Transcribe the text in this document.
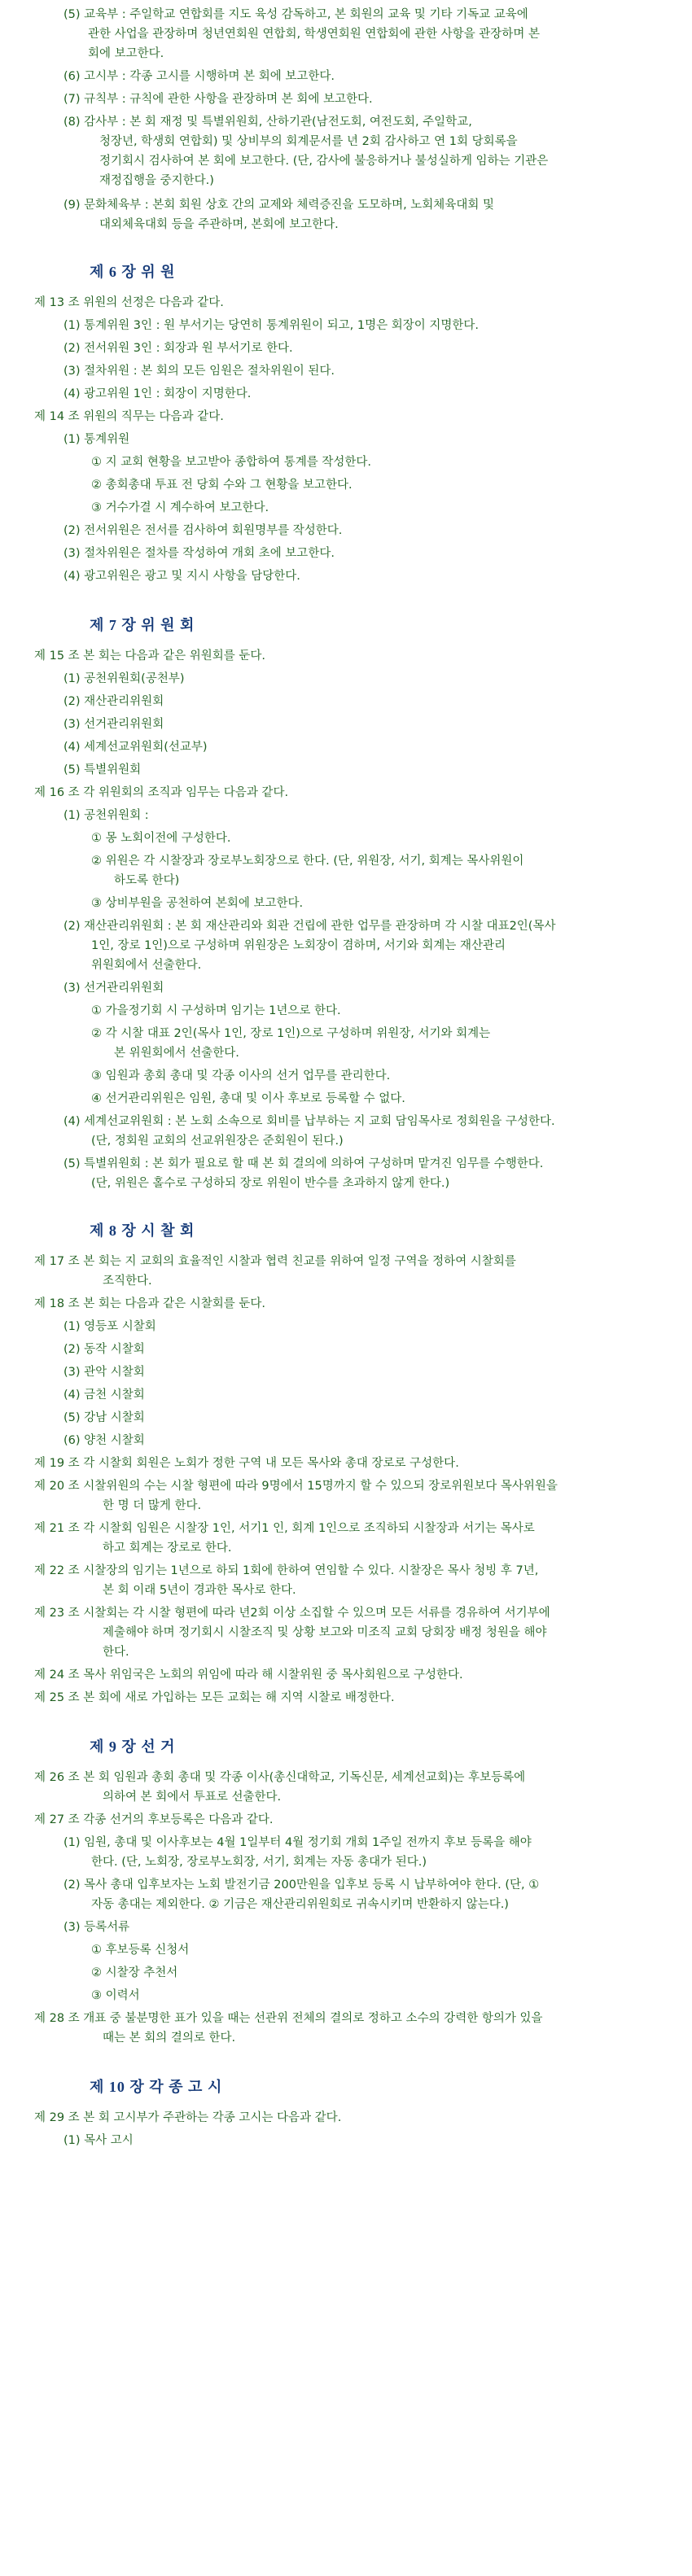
(5) 교육부 : 주일학교 연합회를 지도 육성 감독하고, 본 회원의 교육 및 기타 기독교 교육에
관한 사업을 관장하며 청년연회원 연합회, 학생연회원 연합회에 관한 사항을 관장하며 본
회에 보고한다.
(6) 고시부 : 각종 고시를 시행하며 본 회에 보고한다.
(7) 규칙부 : 규칙에 관한 사항을 관장하며 본 회에 보고한다.
(8) 감사부 : 본 회 재정 및 특별위원회, 산하기관(남전도회, 여전도회, 주일학교,
청장년, 학생회 연합회) 및 상비부의 회계문서를 년 2회 감사하고 연 1회 당회록을
정기회시 검사하여 본 회에 보고한다. (단, 감사에 불응하거나 불성실하게 임하는 기관은
재정집행을 중지한다.)
(9) 문화체육부 : 본회 회원 상호 간의 교제와 체력증진을 도모하며, 노회체육대회 및
대외체육대회 등을 주관하며, 본회에 보고한다.
제 6 장 위 원
제 13 조 위원의 선정은 다음과 같다.
(1) 통계위원 3인 : 원 부서기는 당연히 통계위원이 되고, 1명은 회장이 지명한다.
(2) 전서위원 3인 : 회장과 원 부서기로 한다.
(3) 절차위원 : 본 회의 모든 임원은 절차위원이 된다.
(4) 광고위원 1인 : 회장이 지명한다.
제 14 조 위원의 직무는 다음과 같다.
(1) 통계위원
① 지 교회 현황을 보고받아 종합하여 통계를 작성한다.
② 총회총대 투표 전 당회 수와 그 현황을 보고한다.
③ 거수가결 시 계수하여 보고한다.
(2) 전서위원은 전서를 검사하여 회원명부를 작성한다.
(3) 절차위원은 절차를 작성하여 개회 초에 보고한다.
(4) 광고위원은 광고 및 지시 사항을 담당한다.
제 7 장 위 원 회
제 15 조 본 회는 다음과 같은 위원회를 둔다.
(1) 공천위원회(공천부)
(2) 재산관리위원회
(3) 선거관리위원회
(4) 세계선교위원회(선교부)
(5) 특별위원회
제 16 조 각 위원회의 조직과 임무는 다음과 같다.
(1) 공천위원회 :
① 몽 노회이전에 구성한다.
② 위원은 각 시찰장과 장로부노회장으로 한다. (단, 위원장, 서기, 회계는 목사위원이
하도록 한다)
③ 상비부원을 공천하여 본회에 보고한다.
(2) 재산관리위원회 : 본 회 재산관리와 회관 건립에 관한 업무를 관장하며 각 시찰 대표2인(목사
1인, 장로 1인)으로 구성하며 위원장은 노회장이 겸하며, 서기와 회계는 재산관리
위원회에서 선출한다.
(3) 선거관리위원회
① 가을정기회 시 구성하며 임기는 1년으로 한다.
② 각 시찰 대표 2인(목사 1인, 장로 1인)으로 구성하며 위원장, 서기와 회계는
본 위원회에서 선출한다.
③ 임원과 총회 총대 및 각종 이사의 선거 업무를 관리한다.
④ 선거관리위원은 임원, 총대 및 이사 후보로 등록할 수 없다.
(4) 세계선교위원회 : 본 노회 소속으로 회비를 납부하는 지 교회 담임목사로 정회원을 구성한다.
(단, 정회원 교회의 선교위원장은 준회원이 된다.)
(5) 특별위원회 : 본 회가 필요로 할 때 본 회 결의에 의하여 구성하며 맡겨진 임무를 수행한다.
(단, 위원은 홀수로 구성하되 장로 위원이 반수를 초과하지 않게 한다.)
제 8 장 시 찰 회
제 17 조 본 회는 지 교회의 효율적인 시찰과 협력 친교를 위하여 일정 구역을 정하여 시찰회를
조직한다.
제 18 조 본 회는 다음과 같은 시찰회를 둔다.
(1) 영등포 시찰회
(2) 동작 시찰회
(3) 관악 시찰회
(4) 금천 시찰회
(5) 강남 시찰회
(6) 양천 시찰회
제 19 조 각 시찰회 회원은 노회가 정한 구역 내 모든 목사와 총대 장로로 구성한다.
제 20 조 시찰위원의 수는 시찰 형편에 따라 9명에서 15명까지 할 수 있으되 장로위원보다 목사위원을
한 명 더 많게 한다.
제 21 조 각 시찰회 임원은 시찰장 1인, 서기1 인, 회계 1인으로 조직하되 시찰장과 서기는 목사로
하고 회계는 장로로 한다.
제 22 조 시찰장의 임기는 1년으로 하되 1회에 한하여 연임할 수 있다. 시찰장은 목사 청빙 후 7년,
본 회 이래 5년이 경과한 목사로 한다.
제 23 조 시찰회는 각 시찰 형편에 따라 년2회 이상 소집할 수 있으며 모든 서류를 경유하여 서기부에
제출해야 하며 정기회시 시찰조직 및 상황 보고와 미조직 교회 당회장 배정 청원을 해야
한다.
제 24 조 목사 위임국은 노회의 위임에 따라 해 시찰위원 중 목사회원으로 구성한다.
제 25 조 본 회에 새로 가입하는 모든 교회는 해 지역 시찰로 배정한다.
제 9 장 선 거
제 26 조 본 회 임원과 총회 총대 및 각종 이사(총신대학교, 기독신문, 세계선교회)는 후보등록에
의하여 본 회에서 투표로 선출한다.
제 27 조 각종 선거의 후보등록은 다음과 같다.
(1) 임원, 총대 및 이사후보는 4월 1일부터 4월 정기회 개회 1주일 전까지 후보 등록을 해야
한다. (단, 노회장, 장로부노회장, 서기, 회계는 자동 총대가 된다.)
(2) 목사 총대 입후보자는 노회 발전기금 200만원을 입후보 등록 시 납부하여야 한다. (단, ①
자동 총대는 제외한다. ② 기금은 재산관리위원회로 귀속시키며 반환하지 않는다.)
(3) 등록서류
① 후보등록 신청서
② 시찰장 추천서
③ 이력서
제 28 조 개표 중 불분명한 표가 있을 때는 선관위 전체의 결의로 정하고 소수의 강력한 항의가 있을
때는 본 회의 결의로 한다.
제 10 장 각 종 고 시
제 29 조 본 회 고시부가 주관하는 각종 고시는 다음과 같다.
(1) 목사 고시
